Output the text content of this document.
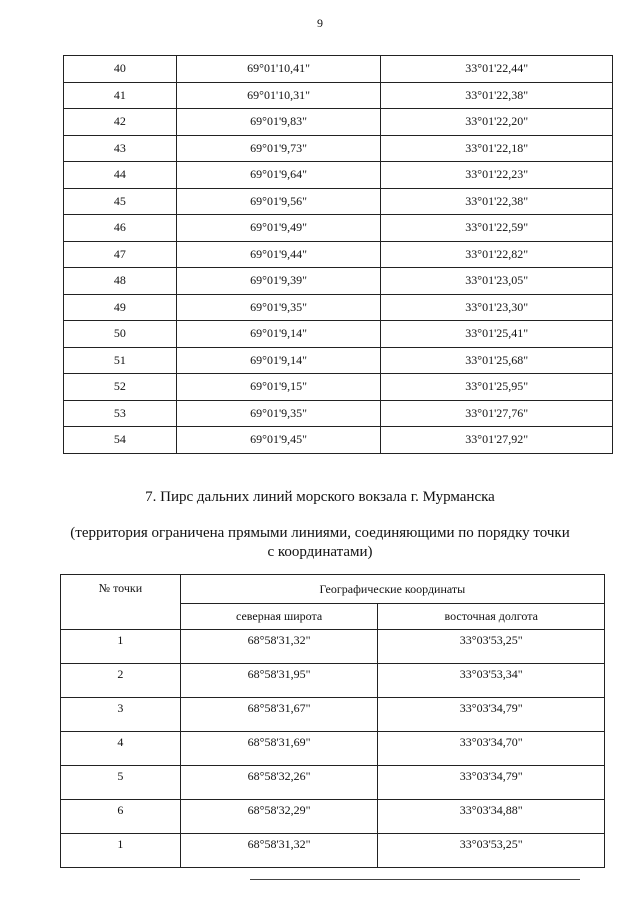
9
40	69°01'10,41"	33°01'22,44"
41	69°01'10,31"	33°01'22,38"
42	69°01'9,83"	33°01'22,20"
43	69°01'9,73"	33°01'22,18"
44	69°01'9,64"	33°01'22,23"
45	69°01'9,56"	33°01'22,38"
46	69°01'9,49"	33°01'22,59"
47	69°01'9,44"	33°01'22,82"
48	69°01'9,39"	33°01'23,05"
49	69°01'9,35"	33°01'23,30"
50	69°01'9,14"	33°01'25,41"
51	69°01'9,14"	33°01'25,68"
52	69°01'9,15"	33°01'25,95"
53	69°01'9,35"	33°01'27,76"
54	69°01'9,45"	33°01'27,92"
7. Пирс дальних линий морского вокзала г. Мурманска
(территория ограничена прямыми линиями, соединяющими по порядку точки с координатами)
№ точки	Географические координаты	
	северная широта	восточная долгота
1	68°58'31,32"	33°03'53,25"
2	68°58'31,95"	33°03'53,34"
3	68°58'31,67"	33°03'34,79"
4	68°58'31,69"	33°03'34,70"
5	68°58'32,26"	33°03'34,79"
6	68°58'32,29"	33°03'34,88"
1	68°58'31,32"	33°03'53,25"
